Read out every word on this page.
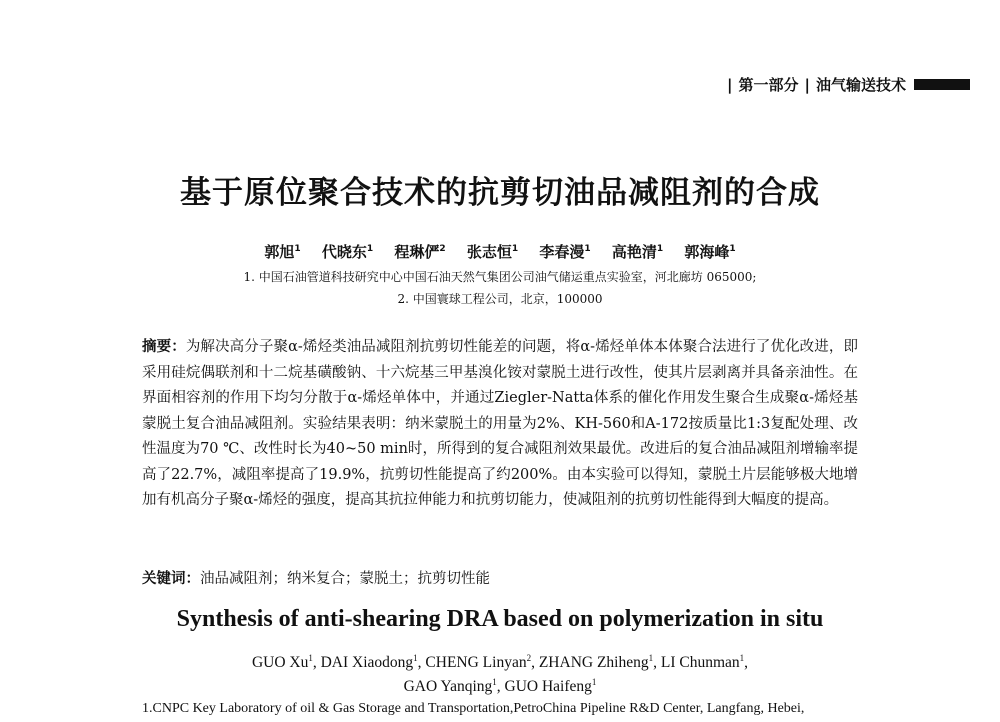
| 第一部分 | 油气输送技术
基于原位聚合技术的抗剪切油品减阻剂的合成
郭旭$^1$ 代晓东$^1$ 程琳俨$^2$ 张志恒$^1$ 李春漫$^1$ 高艳清$^1$ 郭海峰$^1$
1. 中国石油管道科技研究中心中国石油天然气集团公司油气储运重点实验室，河北廊坊 065000;
2. 中国寰球工程公司，北京，100000
摘要：为解决高分子聚α-烯烃类油品减阻剂抗剪切性能差的问题，将α-烯烃单体本体聚合法进行了优化改进，即采用硅烷偶联剂和十二烷基磺酸钠、十六烷基三甲基溴化铵对蒙脱土进行改性，使其片层剥离并具备亲油性。在界面相容剂的作用下均匀分散于α-烯烃单体中，并通过Ziegler-Natta体系的催化作用发生聚合生成聚α-烯烃基蒙脱土复合油品减阻剂。实验结果表明：纳米蒙脱土的用量为2%、KH-560和A-172按质量比1:3复配处理、改性温度为70 ℃、改性时长为40~50 min时，所得到的复合减阻剂效果最优。改进后的复合油品减阻剂增输率提高了22.7%，减阻率提高了19.9%，抗剪切性能提高了约200%。由本实验可以得知，蒙脱土片层能够极大地增加有机高分子聚α-烯烃的强度，提高其抗拉伸能力和抗剪切能力，使减阻剂的抗剪切性能得到大幅度的提高。
关键词：油品减阻剂；纳米复合；蒙脱土；抗剪切性能
Synthesis of anti-shearing DRA based on polymerization in situ
GUO Xu$^1$, DAI Xiaodong$^1$, CHENG Linyan$^2$, ZHANG Zhiheng$^1$, LI Chunman$^1$,
GAO Yanqing$^1$, GUO Haifeng$^1$
1.CNPC Key Laboratory of oil & Gas Storage and Transportation,PetroChina Pipeline R&D Center, Langfang, Hebei,
